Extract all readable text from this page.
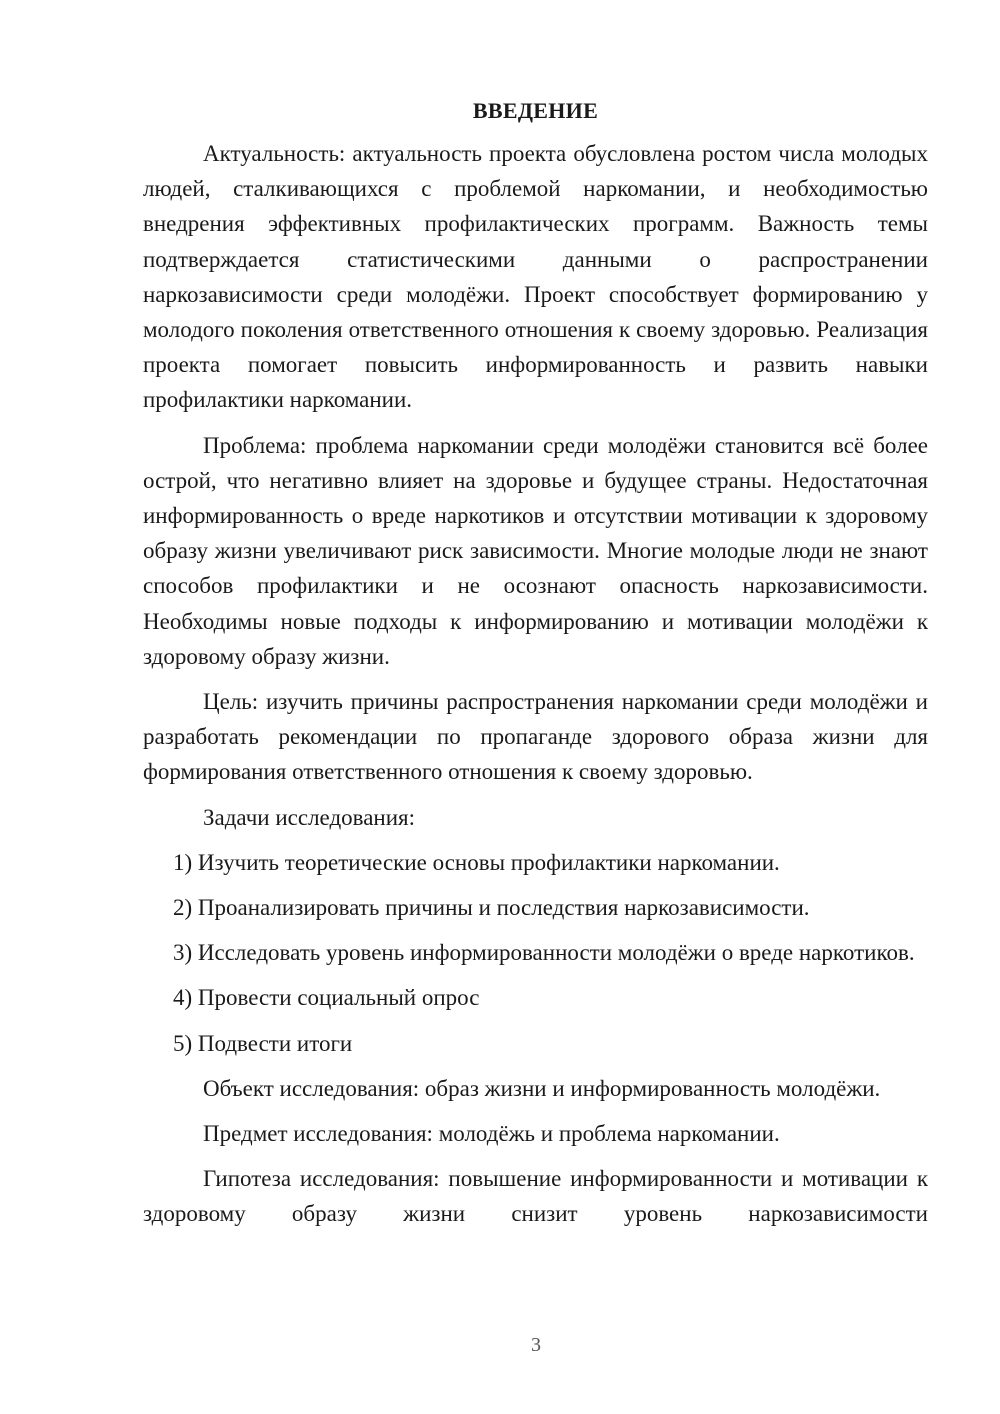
ВВЕДЕНИЕ

Актуальность: актуальность проекта обусловлена ростом числа молодых людей, сталкивающихся с проблемой наркомании, и необходимостью внедрения эффективных профилактических программ. Важность темы подтверждается статистическими данными о распространении наркозависимости среди молодёжи. Проект способствует формированию у молодого поколения ответственного отношения к своему здоровью. Реализация проекта помогает повысить информированность и развить навыки профилактики наркомании.

Проблема: проблема наркомании среди молодёжи становится всё более острой, что негативно влияет на здоровье и будущее страны. Недостаточная информированность о вреде наркотиков и отсутствии мотивации к здоровому образу жизни увеличивают риск зависимости. Многие молодые люди не знают способов профилактики и не осознают опасность наркозависимости. Необходимы новые подходы к информированию и мотивации молодёжи к здоровому образу жизни.

Цель: изучить причины распространения наркомании среди молодёжи и разработать рекомендации по пропаганде здорового образа жизни для формирования ответственного отношения к своему здоровью.

Задачи исследования:

1) Изучить теоретические основы профилактики наркомании.

2) Проанализировать причины и последствия наркозависимости.

3) Исследовать уровень информированности молодёжи о вреде наркотиков.

4) Провести социальный опрос

5) Подвести итоги

Объект исследования: образ жизни и информированность молодёжи.

Предмет исследования: молодёжь и проблема наркомании.

Гипотеза исследования: повышение информированности и мотивации к здоровому образу жизни снизит уровень наркозависимости

3
